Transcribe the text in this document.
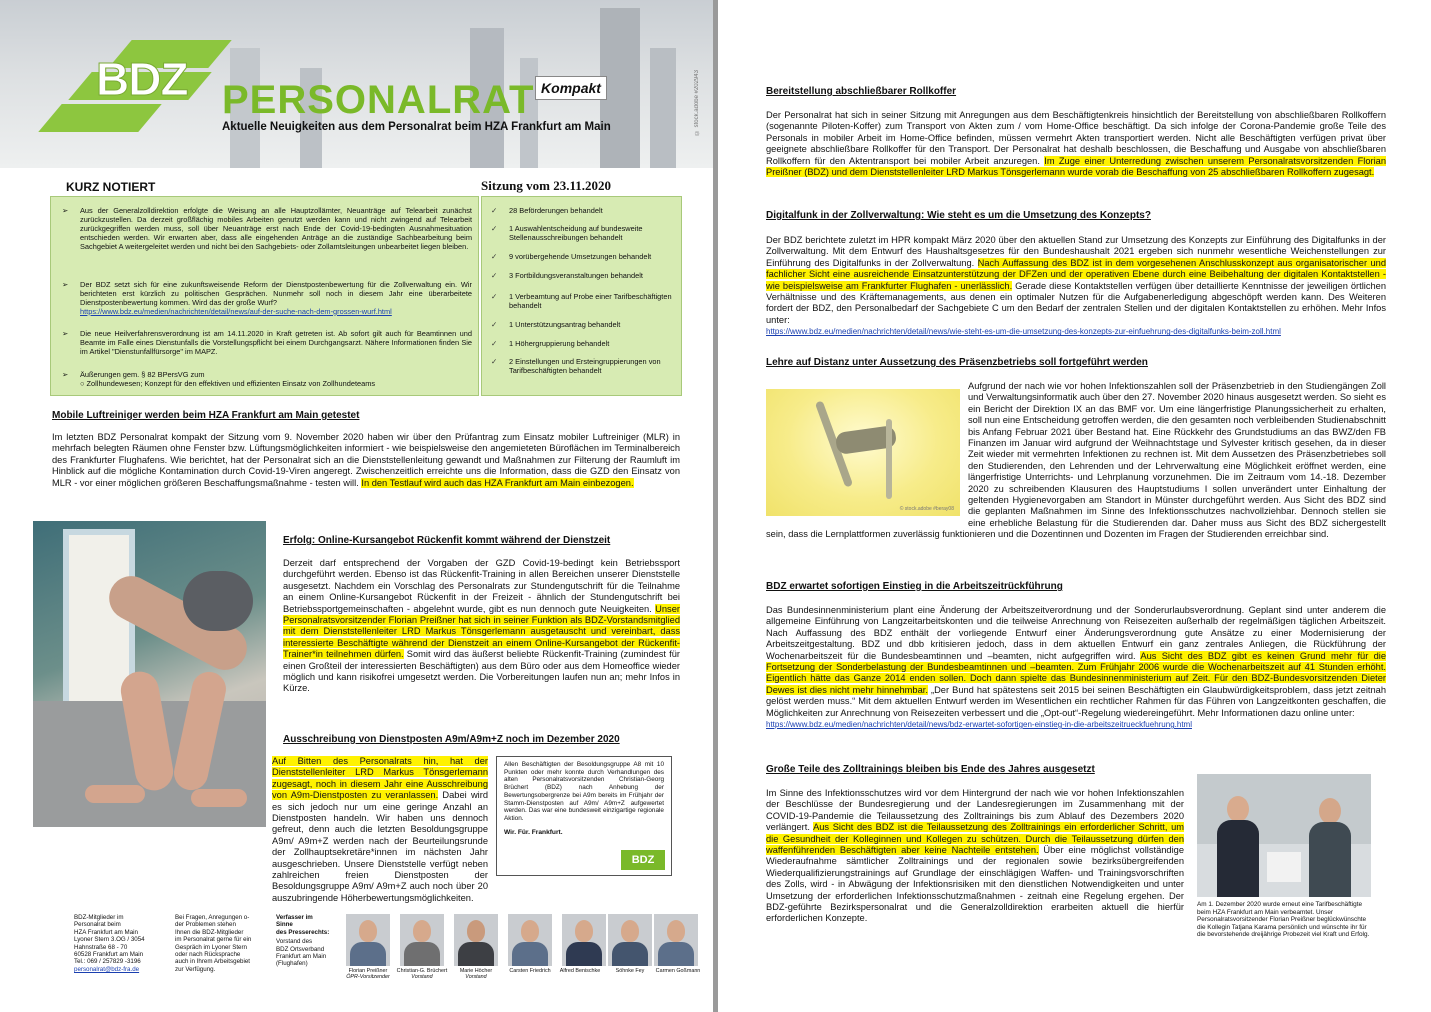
BDZ PERSONALRAT Kompakt
Aktuelle Neuigkeiten aus dem Personalrat beim HZA Frankfurt am Main	© stock.adobe #202943
KURZ NOTIERT	Sitzung vom 23.11.2020
➢ Aus der Generalzolldirektion erfolgte die Weisung an alle Hauptzollämter, Neuanträge auf Telearbeit zunächst zurückzustellen. Da derzeit großflächig mobiles Arbeiten genutzt werden kann und nicht zwingend auf Telearbeit zurückgegriffen werden muss, soll über Neuanträge erst nach Ende der Covid-19-bedingten Ausnahmesituation entschieden werden. Wir erwarten aber, dass alle eingehenden Anträge an die zuständige Sachbearbeitung beim Sachgebiet A weitergeleitet werden und nicht bei den Sachgebiets- oder Zollamtsleitungen unbearbeitet liegen bleiben.
➢ Der BDZ setzt sich für eine zukunftsweisende Reform der Dienstpostenbewertung für die Zollverwaltung ein. Wir berichteten erst kürzlich zu politischen Gesprächen. Nunmehr soll noch in diesem Jahr eine überarbeitete Dienstpostenbewertung kommen. Wird das der große Wurf?
https://www.bdz.eu/medien/nachrichten/detail/news/auf-der-suche-nach-dem-grossen-wurf.html
➢ Die neue Heilverfahrensverordnung ist am 14.11.2020 in Kraft getreten ist. Ab sofort gilt auch für Beamtinnen und Beamte im Falle eines Dienstunfalls die Vorstellungspflicht bei einem Durchgangsarzt. Nähere Informationen finden Sie im Artikel "Dienstunfallfürsorge" im MAPZ.
➢ Äußerungen gem. § 82 BPersVG zum
○ Zollhundewesen; Konzept für den effektiven und effizienten Einsatz von Zollhundeteams
✓ 28 Beförderungen behandelt
✓ 1 Auswahlentscheidung auf bundesweite Stellenausschreibungen behandelt
✓ 9 vorübergehende Umsetzungen behandelt
✓ 3 Fortbildungsveranstaltungen behandelt
✓ 1 Verbeamtung auf Probe einer Tarifbeschäftigten behandelt
✓ 1 Unterstützungsantrag behandelt
✓ 1 Höhergruppierung behandelt
✓ 2 Einstellungen und Ersteingruppierungen von Tarifbeschäftigten behandelt
Mobile Luftreiniger werden beim HZA Frankfurt am Main getestet
Im letzten BDZ Personalrat kompakt der Sitzung vom 9. November 2020 haben wir über den Prüfantrag zum Einsatz mobiler Luftreiniger (MLR) in mehrfach belegten Räumen ohne Fenster bzw. Lüftungsmöglichkeiten informiert - wie beispielsweise den angemieteten Büroflächen im Terminalbereich des Frankfurter Flughafens. Wie berichtet, hat der Personalrat sich an die Dienststellenleitung gewandt und Maßnahmen zur Filterung der Raumluft im Hinblick auf die mögliche Kontamination durch Covid-19-Viren angeregt. Zwischenzeitlich erreichte uns die Information, dass die GZD den Einsatz von MLR - vor einer möglichen größeren Beschaffungsmaßnahme - testen will. In den Testlauf wird auch das HZA Frankfurt am Main einbezogen.
Erfolg: Online-Kursangebot Rückenfit kommt während der Dienstzeit
Derzeit darf entsprechend der Vorgaben der GZD Covid-19-bedingt kein Betriebssport durchgeführt werden. Ebenso ist das Rückenfit-Training in allen Bereichen unserer Dienststelle ausgesetzt. Nachdem ein Vorschlag des Personalrats zur Stundengutschrift für die Teilnahme an einem Online-Kursangebot Rückenfit in der Freizeit - ähnlich der Stundengutschrift bei Betriebssportgemeinschaften - abgelehnt wurde, gibt es nun dennoch gute Neuigkeiten. Unser Personalratsvorsitzender Florian Preißner hat sich in seiner Funktion als BDZ-Vorstandsmitglied mit dem Dienststellenleiter LRD Markus Tönsgerlemann ausgetauscht und vereinbart, dass interessierte Beschäftigte während der Dienstzeit an einem Online-Kursangebot der Rückenfit-Trainer*in teilnehmen dürfen. Somit wird das äußerst beliebte Rückenfit-Training (zumindest für einen Großteil der interessierten Beschäftigten) aus dem Büro oder aus dem Homeoffice wieder möglich und kann risikofrei umgesetzt werden. Die Vorbereitungen laufen nun an; mehr Infos in Kürze.
Ausschreibung von Dienstposten A9m/A9m+Z noch im Dezember 2020
Auf Bitten des Personalrats hin, hat der Dienststellenleiter LRD Markus Tönsgerlemann zugesagt, noch in diesem Jahr eine Ausschreibung von A9m-Dienstposten zu veranlassen. Dabei wird es sich jedoch nur um eine geringe Anzahl an Dienstposten handeln. Wir haben uns dennoch gefreut, denn auch die letzten Besoldungsgruppe A9m/ A9m+Z werden nach der Beurteilungsrunde der Zollhauptsekretäre*innen im nächsten Jahr ausgeschrieben. Unsere Dienststelle verfügt neben zahlreichen freien Dienstposten der Besoldungsgruppe A9m/ A9m+Z auch noch über 20 auszubringende Höherbewertungsmöglichkeiten.
Allen Beschäftigten der Besoldungsgruppe A8 mit 10 Punkten oder mehr konnte durch Verhandlungen des alten Personalratsvorsitzenden Christian-Georg Brüchert (BDZ) nach Anhebung der Bewertungsobergrenze bei A9m bereits im Frühjahr der Stamm-Dienstposten auf A9m/ A9m+Z aufgewertet werden. Das war eine bundesweit einzigartige regionale Aktion.
Wir. Für. Frankfurt.
BDZ
BDZ-Mitglieder im
Personalrat beim
HZA Frankfurt am Main
Lyoner Stern 3.OG / 3054
Hahnstraße 68 - 70
60528 Frankfurt am Main
Tel.: 069 / 257829 -3196
personalrat@bdz-fra.de
Bei Fragen, Anregungen o-
der Problemen stehen
Ihnen die BDZ-Mitglieder
im Personalrat gerne für ein
Gespräch im Lyoner Stern
oder nach Rücksprache
auch in Ihrem Arbeitsgebiet
zur Verfügung.
Verfasser im
Sinne
des Presserechts:
Vorstand des
BDZ Ortsverband
Frankfurt am Main
(Flughafen)
Florian Preißner
ÖPR-Vorsitzender
Christian-G. Brüchert
Vorstand
Marie Höcher
Vorstand
Carsten Friedrich	Alfred Benischke	Söhnke Fey	Carmen Goßmann
Bereitstellung abschließbarer Rollkoffer
Der Personalrat hat sich in seiner Sitzung mit Anregungen aus dem Beschäftigtenkreis hinsichtlich der Bereitstellung von abschließbaren Rollkoffern (sogenannte Piloten-Koffer) zum Transport von Akten zum / vom Home-Office beschäftigt. Da sich infolge der Corona-Pandemie große Teile des Personals in mobiler Arbeit im Home-Office befinden, müssen vermehrt Akten transportiert werden. Nicht alle Beschäftigten verfügen privat über geeignete abschließbare Rollkoffer für den Transport. Der Personalrat hat deshalb beschlossen, die Beschaffung und Ausgabe von abschließbaren Rollkoffern für den Aktentransport bei mobiler Arbeit anzuregen. Im Zuge einer Unterredung zwischen unserem Personalratsvorsitzenden Florian Preißner (BDZ) und dem Dienststellenleiter LRD Markus Tönsgerlemann wurde vorab die Beschaffung von 25 abschließbaren Rollkoffern zugesagt.
Digitalfunk in der Zollverwaltung: Wie steht es um die Umsetzung des Konzepts?
Der BDZ berichtete zuletzt im HPR kompakt März 2020 über den aktuellen Stand zur Umsetzung des Konzepts zur Einführung des Digitalfunks in der Zollverwaltung. Mit dem Entwurf des Haushaltsgesetzes für den Bundeshaushalt 2021 ergeben sich nunmehr wesentliche Weichenstellungen zur Einführung des Digitalfunks in der Zollverwaltung. Nach Auffassung des BDZ ist in dem vorgesehenen Anschlusskonzept aus organisatorischer und fachlicher Sicht eine ausreichende Einsatzunterstützung der DFZen und der operativen Ebene durch eine Beibehaltung der digitalen Kontaktstellen - wie beispielsweise am Frankfurter Flughafen - unerlässlich. Gerade diese Kontaktstellen verfügen über detaillierte Kenntnisse der jeweiligen örtlichen Verhältnisse und des Kräftemanagements, aus denen ein optimaler Nutzen für die Aufgabenerledigung abgeschöpft werden kann. Des Weiteren fordert der BDZ, den Personalbedarf der Sachgebiete C um den Bedarf der zentralen Stellen und der digitalen Kontaktstellen zu erhöhen. Mehr Infos unter:
https://www.bdz.eu/medien/nachrichten/detail/news/wie-steht-es-um-die-umsetzung-des-konzepts-zur-einfuehrung-des-digitalfunks-beim-zoll.html
Lehre auf Distanz unter Aussetzung des Präsenzbetriebs soll fortgeführt werden
© stock.adobe #beray08
Aufgrund der nach wie vor hohen Infektionszahlen soll der Präsenzbetrieb in den Studiengängen Zoll und Verwaltungsinformatik auch über den 27. November 2020 hinaus ausgesetzt werden. So sieht es ein Bericht der Direktion IX an das BMF vor. Um eine längerfristige Planungssicherheit zu erhalten, soll nun eine Entscheidung getroffen werden, die den gesamten noch verbleibenden Studienabschnitt bis Anfang Februar 2021 über Bestand hat. Eine Rückkehr des Grundstudiums an das BWZ/den FB Finanzen im Januar wird aufgrund der Weihnachtstage und Sylvester kritisch gesehen, da in dieser Zeit wieder mit vermehrten Infektionen zu rechnen ist. Mit dem Aussetzen des Präsenzbetriebes soll den Studierenden, den Lehrenden und der Lehrverwaltung eine Möglichkeit eröffnet werden, eine längerfristige Unterrichts- und Lehrplanung vorzunehmen. Die im Zeitraum vom 14.-18. Dezember 2020 zu schreibenden Klausuren des Hauptstudiums I sollen unverändert unter Einhaltung der geltenden Hygienevorgaben am Standort in Münster durchgeführt werden. Aus Sicht des BDZ sind die geplanten Maßnahmen im Sinne des Infektionsschutzes nachvollziehbar. Dennoch stellen sie eine erhebliche Belastung für die Studierenden dar. Daher muss aus Sicht des BDZ sichergestellt sein, dass die Lernplattformen zuverlässig funktionieren und die Dozentinnen und Dozenten im Fragen der Studierenden erreichbar sind.
BDZ erwartet sofortigen Einstieg in die Arbeitszeitrückführung
Das Bundesinnenministerium plant eine Änderung der Arbeitszeitverordnung und der Sonderurlaubsverordnung. Geplant sind unter anderem die allgemeine Einführung von Langzeitarbeitskonten und die teilweise Anrechnung von Reisezeiten außerhalb der regelmäßigen täglichen Arbeitszeit. Nach Auffassung des BDZ enthält der vorliegende Entwurf einer Änderungsverordnung gute Ansätze zu einer Modernisierung der Arbeitszeitgestaltung. BDZ und dbb kritisieren jedoch, dass in dem aktuellen Entwurf ein ganz zentrales Anliegen, die Rückführung der Wochenarbeitszeit für die Bundesbeamtinnen und –beamten, nicht aufgegriffen wird. Aus Sicht des BDZ gibt es keinen Grund mehr für die Fortsetzung der Sonderbelastung der Bundesbeamtinnen und –beamten. Zum Frühjahr 2006 wurde die Wochenarbeitszeit auf 41 Stunden erhöht. Eigentlich hätte das Ganze 2014 enden sollen. Doch dann spielte das Bundesinnenministerium auf Zeit. Für den BDZ-Bundesvorsitzenden Dieter Dewes ist dies nicht mehr hinnehmbar. „Der Bund hat spätestens seit 2015 bei seinen Beschäftigten ein Glaubwürdigkeitsproblem, dass jetzt zeitnah gelöst werden muss.“ Mit dem aktuellen Entwurf werden im Wesentlichen ein rechtlicher Rahmen für das Führen von Langzeitkonten geschaffen, die Möglichkeiten zur Anrechnung von Reisezeiten verbessert und die „Opt-out“-Regelung wiedereingeführt. Mehr Informationen dazu online unter:
https://www.bdz.eu/medien/nachrichten/detail/news/bdz-erwartet-sofortigen-einstieg-in-die-arbeitszeitrueckfuehrung.html
Große Teile des Zolltrainings bleiben bis Ende des Jahres ausgesetzt
Im Sinne des Infektionsschutzes wird vor dem Hintergrund der nach wie vor hohen Infektionszahlen der Beschlüsse der Bundesregierung und der Landesregierungen im Zusammenhang mit der COVID-19-Pandemie die Teilaussetzung des Zolltrainings bis zum Ablauf des Dezembers 2020 verlängert. Aus Sicht des BDZ ist die Teilaussetzung des Zolltrainings ein erforderlicher Schritt, um die Gesundheit der Kolleginnen und Kollegen zu schützen. Durch die Teilaussetzung dürfen den waffenführenden Beschäftigten aber keine Nachteile entstehen. Über eine möglichst vollständige Wiederaufnahme sämtlicher Zolltrainings und der regionalen sowie bezirksübergreifenden Wiederqualifizierungstrainings auf Grundlage der einschlägigen Waffen- und Trainingsvorschriften des Zolls, wird - in Abwägung der Infektionsrisiken mit den dienstlichen Notwendigkeiten und unter Umsetzung der erforderlichen Infektionsschutzmaßnahmen - zeitnah eine Regelung ergehen. Der BDZ-geführte Bezirkspersonalrat und die Generalzolldirektion erarbeiten aktuell die hierfür erforderlichen Konzepte.
Am 1. Dezember 2020 wurde erneut eine Tarifbeschäftigte beim HZA Frankfurt am Main verbeamtet. Unser Personalratsvorsitzender Florian Preißner beglückwünschte die Kollegin Tatjana Karama persönlich und wünschte ihr für die bevorstehende dreijährige Probezeit viel Kraft und Erfolg.
